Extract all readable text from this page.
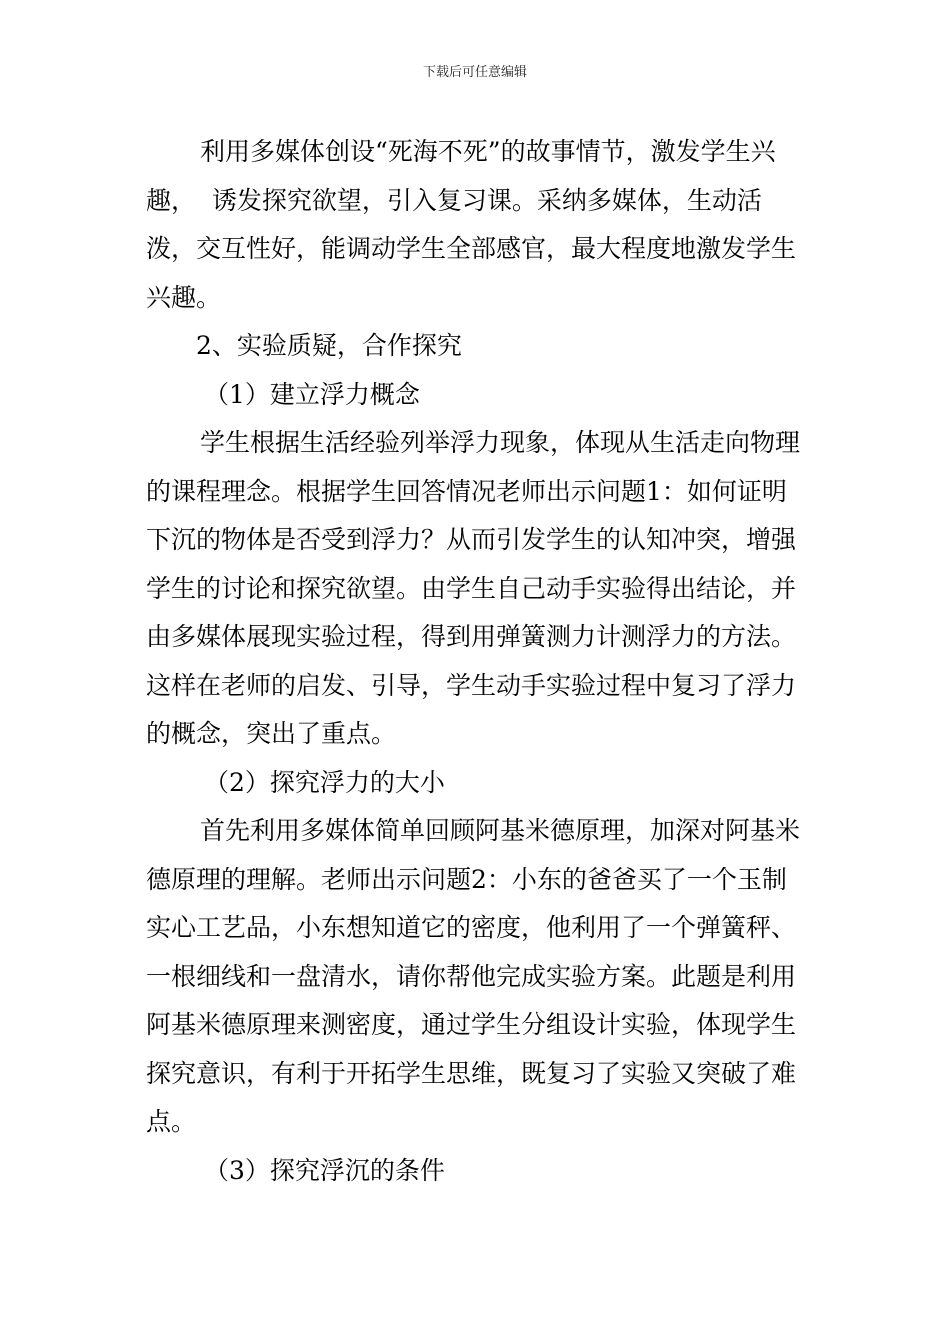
下载后可任意编辑

利用多媒体创设“死海不死”的故事情节，激发学生兴趣，  诱发探究欲望，引入复习课。采纳多媒体，生动活泼，交互性好，能调动学生全部感官，最大程度地激发学生兴趣。

2、实验质疑，合作探究

（1）建立浮力概念

学生根据生活经验列举浮力现象，体现从生活走向物理的课程理念。根据学生回答情况老师出示问题1：如何证明下沉的物体是否受到浮力？从而引发学生的认知冲突，增强学生的讨论和探究欲望。由学生自己动手实验得出结论，并由多媒体展现实验过程，得到用弹簧测力计测浮力的方法。这样在老师的启发、引导，学生动手实验过程中复习了浮力的概念，突出了重点。

（2）探究浮力的大小

首先利用多媒体简单回顾阿基米德原理，加深对阿基米德原理的理解。老师出示问题2：小东的爸爸买了一个玉制实心工艺品，小东想知道它的密度，他利用了一个弹簧秤、一根细线和一盘清水，请你帮他完成实验方案。此题是利用阿基米德原理来测密度，通过学生分组设计实验，体现学生探究意识，有利于开拓学生思维，既复习了实验又突破了难点。

（3）探究浮沉的条件
